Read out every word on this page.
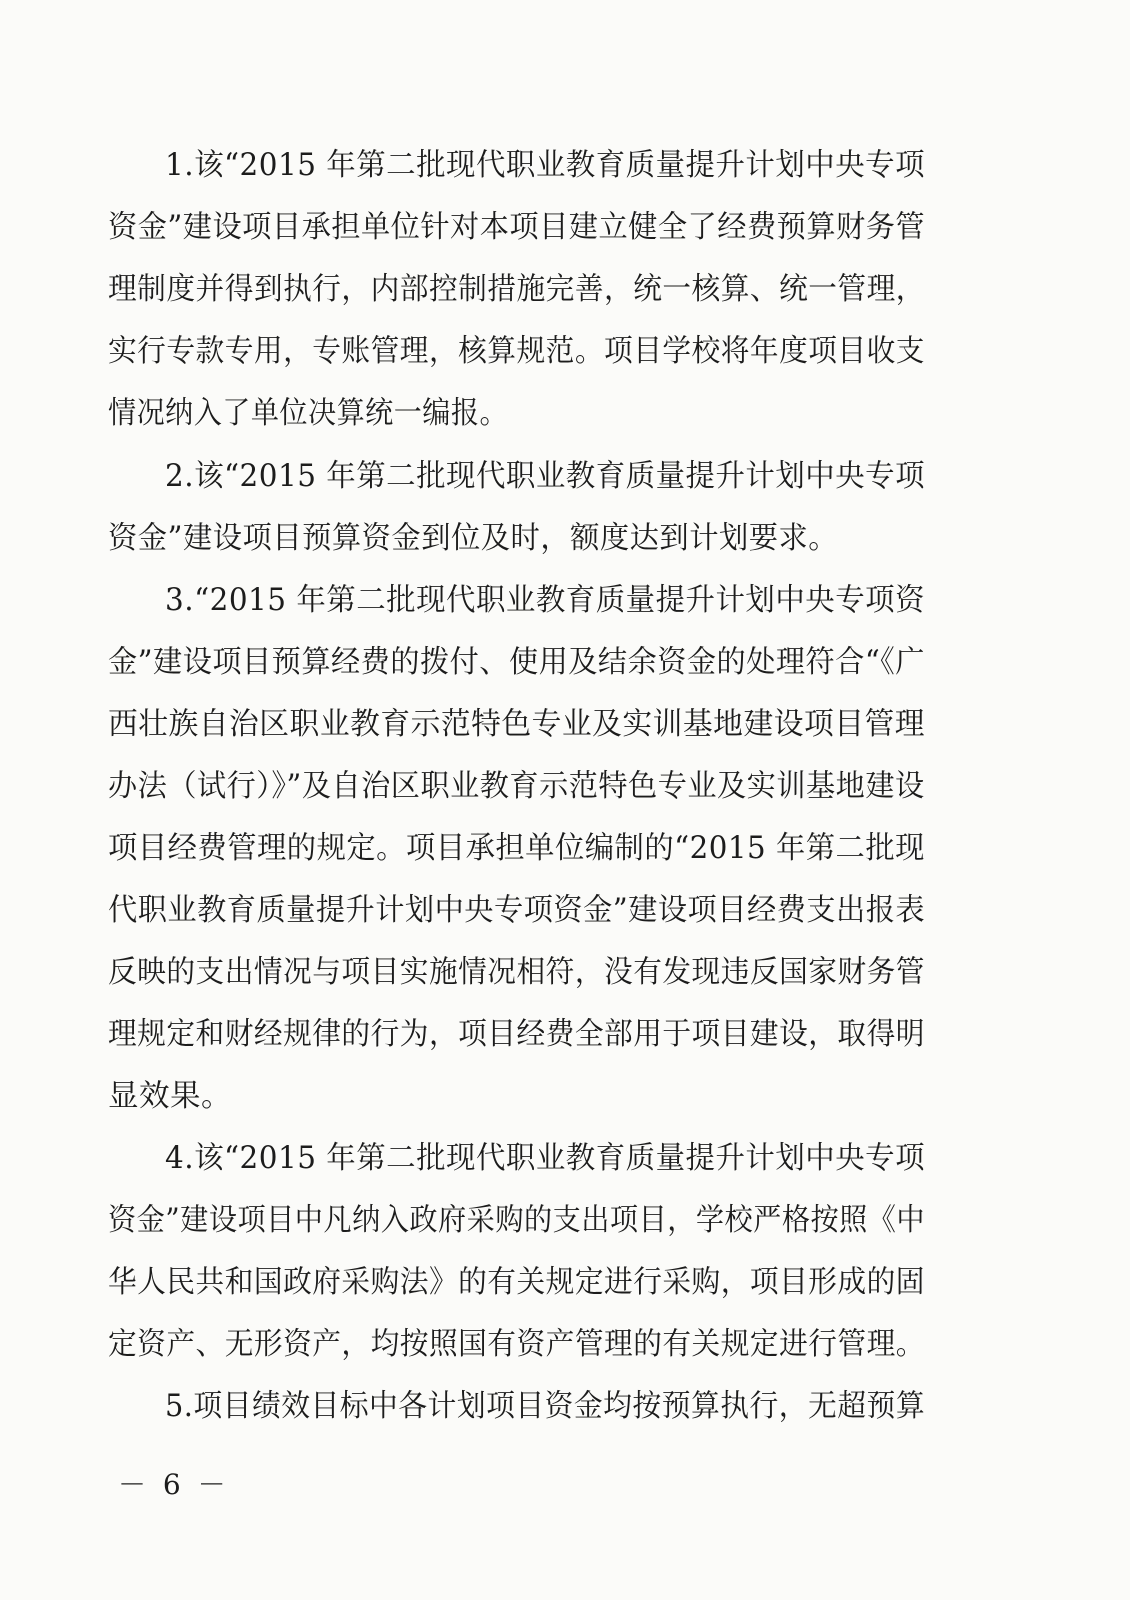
1.该“2015 年第二批现代职业教育质量提升计划中央专项
资金”建设项目承担单位针对本项目建立健全了经费预算财务管
理制度并得到执行，内部控制措施完善，统一核算、统一管理，
实行专款专用，专账管理，核算规范。项目学校将年度项目收支
情况纳入了单位决算统一编报。
2.该“2015 年第二批现代职业教育质量提升计划中央专项
资金”建设项目预算资金到位及时，额度达到计划要求。
3.“2015 年第二批现代职业教育质量提升计划中央专项资
金”建设项目预算经费的拨付、使用及结余资金的处理符合“《广
西壮族自治区职业教育示范特色专业及实训基地建设项目管理
办法（试行）》”及自治区职业教育示范特色专业及实训基地建设
项目经费管理的规定。项目承担单位编制的“2015 年第二批现
代职业教育质量提升计划中央专项资金”建设项目经费支出报表
反映的支出情况与项目实施情况相符，没有发现违反国家财务管
理规定和财经规律的行为，项目经费全部用于项目建设，取得明
显效果。
4.该“2015 年第二批现代职业教育质量提升计划中央专项
资金”建设项目中凡纳入政府采购的支出项目，学校严格按照《中
华人民共和国政府采购法》的有关规定进行采购，项目形成的固
定资产、无形资产，均按照国有资产管理的有关规定进行管理。
5.项目绩效目标中各计划项目资金均按预算执行，无超预算
－ 6 －
